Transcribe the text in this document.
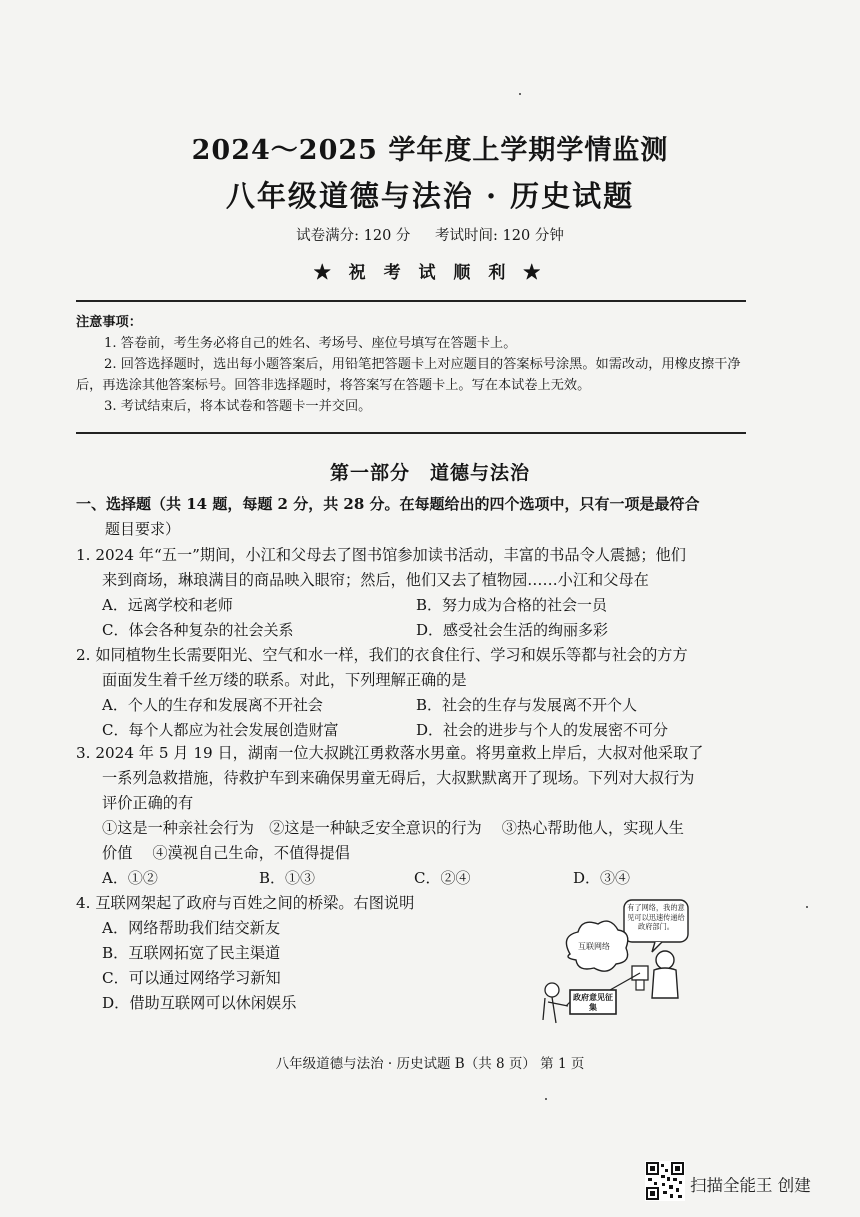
2024～2025 学年度上学期学情监测
八年级道德与法治 · 历史试题
试卷满分: 120 分 考试时间: 120 分钟
★ 祝 考 试 顺 利 ★
注意事项：
1. 答卷前，考生务必将自己的姓名、考场号、座位号填写在答题卡上。
2. 回答选择题时，选出每小题答案后，用铅笔把答题卡上对应题目的答案标号涂黑。如需改动，用橡皮擦干净后，再选涂其他答案标号。回答非选择题时，将答案写在答题卡上。写在本试卷上无效。
3. 考试结束后，将本试卷和答题卡一并交回。
第一部分　道德与法治
一、选择题（共 14 题，每题 2 分，共 28 分。在每题给出的四个选项中，只有一项是最符合
题目要求）
1. 2024 年“五一”期间，小江和父母去了图书馆参加读书活动，丰富的书品令人震撼；他们
来到商场，琳琅满目的商品映入眼帘；然后，他们又去了植物园……小江和父母在
A．远离学校和老师	B．努力成为合格的社会一员
C．体会各种复杂的社会关系	D．感受社会生活的绚丽多彩
2. 如同植物生长需要阳光、空气和水一样，我们的衣食住行、学习和娱乐等都与社会的方方
面面发生着千丝万缕的联系。对此，下列理解正确的是
A．个人的生存和发展离不开社会	B．社会的生存与发展离不开个人
C．每个人都应为社会发展创造财富	D．社会的进步与个人的发展密不可分
3. 2024 年 5 月 19 日，湖南一位大叔跳江勇救落水男童。将男童救上岸后，大叔对他采取了
一系列急救措施，待救护车到来确保男童无碍后，大叔默默离开了现场。下列对大叔行为
评价正确的有
①这是一种亲社会行为　②这是一种缺乏安全意识的行为　 ③热心帮助他人，实现人生
价值　 ④漠视自己生命，不值得提倡
A．①②	B．①③	C．②④	D．③④
4. 互联网架起了政府与百姓之间的桥梁。右图说明
A．网络帮助我们结交新友
B．互联网拓宽了民主渠道
C．可以通过网络学习新知
D．借助互联网可以休闲娱乐
有了网络，我的意见可以迅速传递给政府部门。
互联网络
政府意见征集
八年级道德与法治 · 历史试题 B（共 8 页） 第 1 页
扫描全能王 创建
